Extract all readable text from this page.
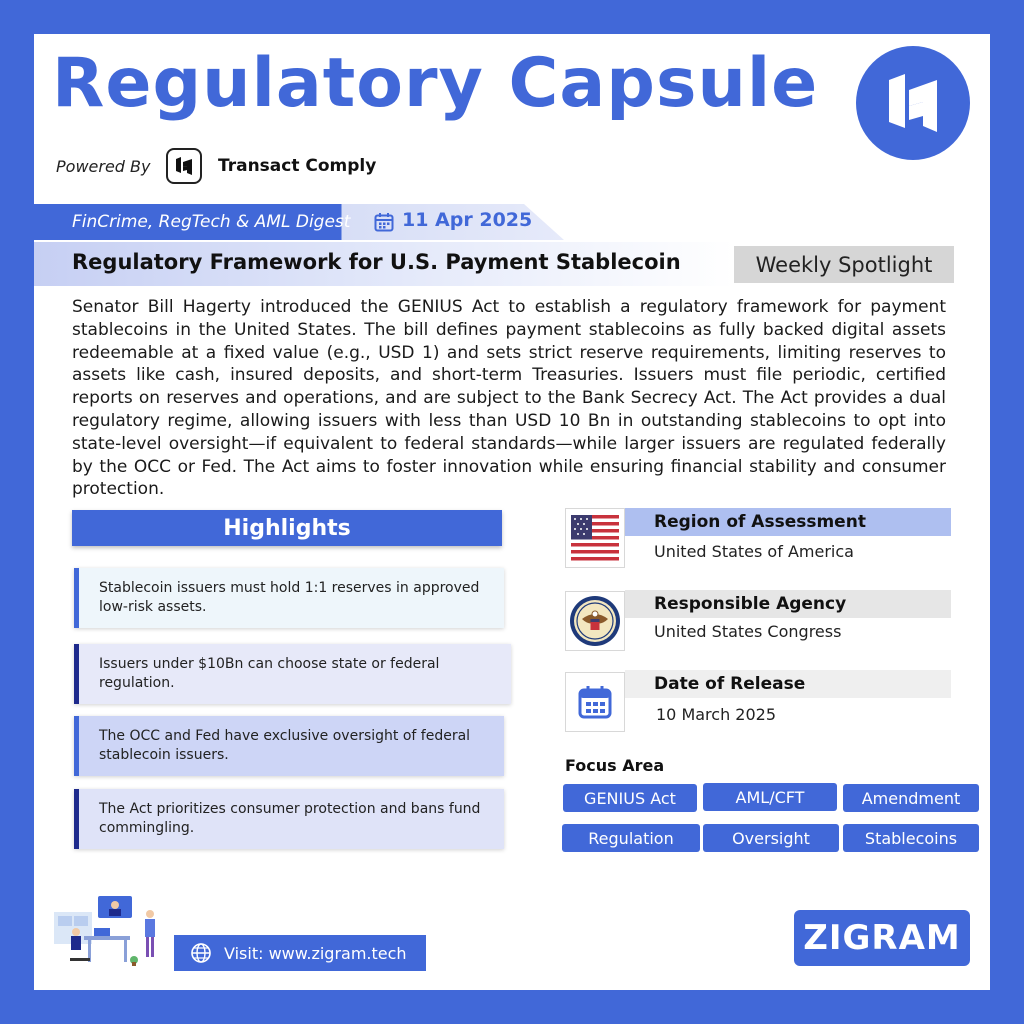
Regulatory Capsule
Powered By	Transact Comply
FinCrime, RegTech & AML Digest	11 Apr 2025
Regulatory Framework for U.S. Payment Stablecoin	Weekly Spotlight
Senator Bill Hagerty introduced the GENIUS Act to establish a regulatory framework for payment stablecoins in the United States. The bill defines payment stablecoins as fully backed digital assets redeemable at a fixed value (e.g., USD 1) and sets strict reserve requirements, limiting reserves to assets like cash, insured deposits, and short-term Treasuries. Issuers must file periodic, certified reports on reserves and operations, and are subject to the Bank Secrecy Act. The Act provides a dual regulatory regime, allowing issuers with less than USD 10 Bn in outstanding stablecoins to opt into state-level oversight—if equivalent to federal standards—while larger issuers are regulated federally by the OCC or Fed. The Act aims to foster innovation while ensuring financial stability and consumer protection.
Highlights
Stablecoin issuers must hold 1:1 reserves in approved low-risk assets.
Issuers under $10Bn can choose state or federal regulation.
The OCC and Fed have exclusive oversight of federal stablecoin issuers.
The Act prioritizes consumer protection and bans fund commingling.
Region of Assessment
United States of America
Responsible Agency
United States Congress
Date of Release
10 March 2025
Focus Area
GENIUS Act	AML/CFT	Amendment
Regulation	Oversight	Stablecoins
Visit: www.zigram.tech	ZIGRAM
